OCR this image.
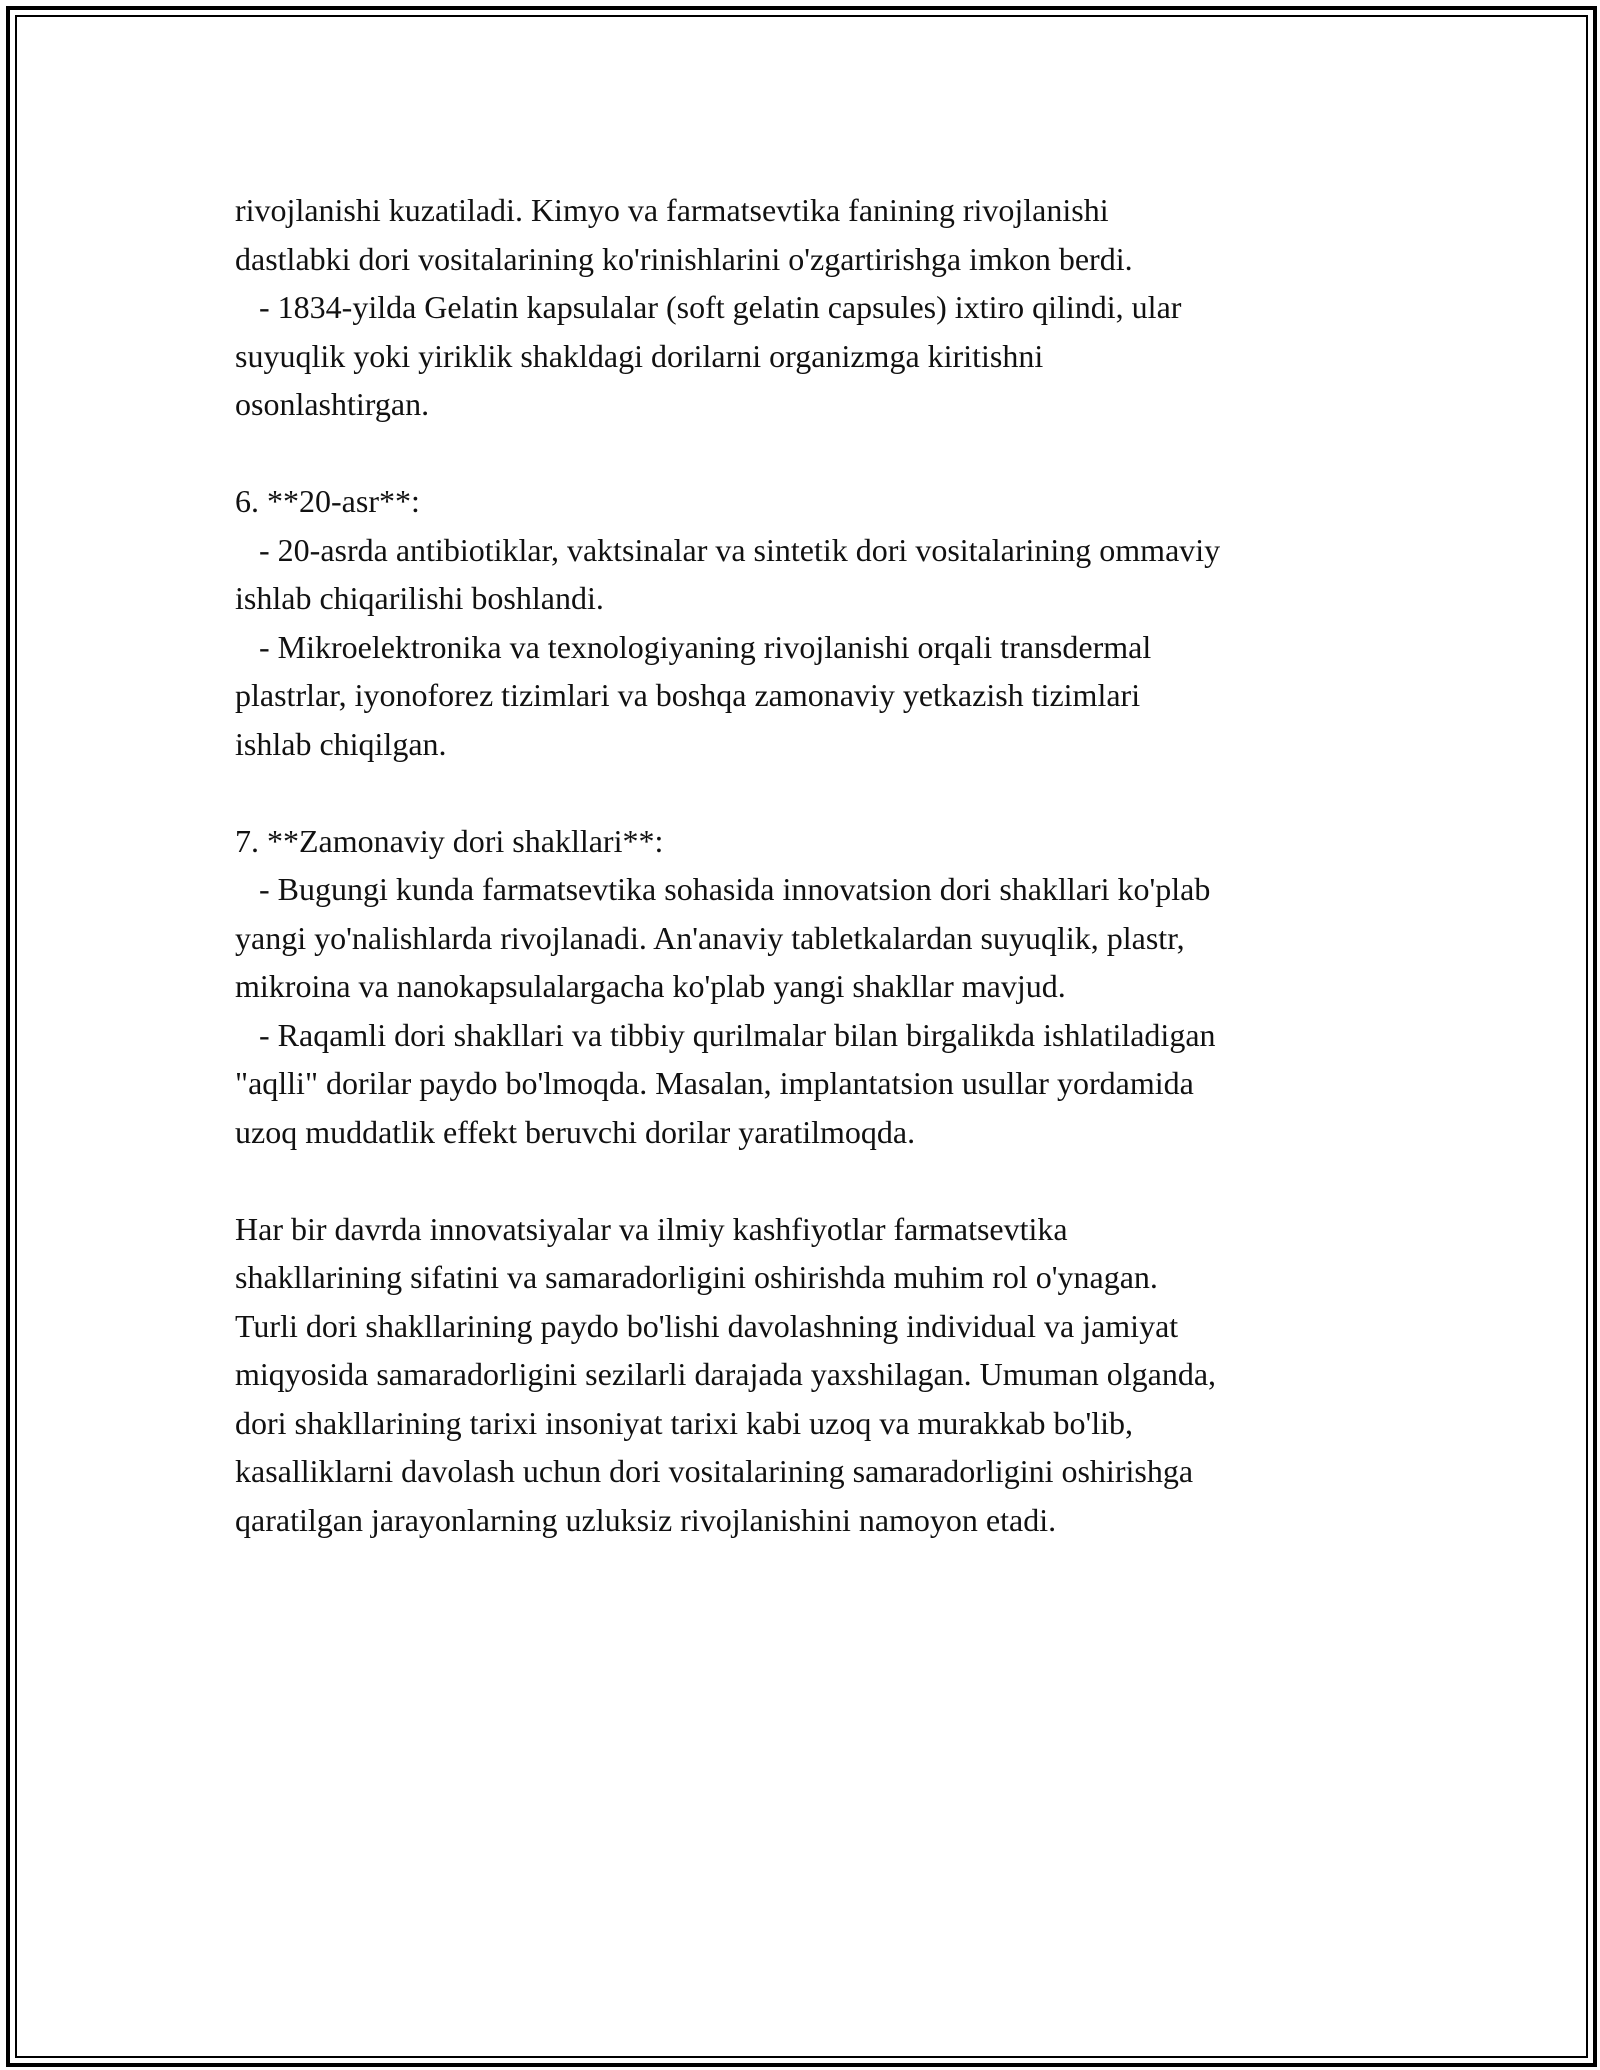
rivojlanishi kuzatiladi. Kimyo va farmatsevtika fanining rivojlanishi
dastlabki dori vositalarining ko'rinishlarini o'zgartirishga imkon berdi.
- 1834-yilda Gelatin kapsulalar (soft gelatin capsules) ixtiro qilindi, ular
suyuqlik yoki yiriklik shakldagi dorilarni organizmga kiritishni
osonlashtirgan.
6. **20-asr**:
- 20-asrda antibiotiklar, vaktsinalar va sintetik dori vositalarining ommaviy
ishlab chiqarilishi boshlandi.
- Mikroelektronika va texnologiyaning rivojlanishi orqali transdermal
plastrlar, iyonoforez tizimlari va boshqa zamonaviy yetkazish tizimlari
ishlab chiqilgan.
7. **Zamonaviy dori shakllari**:
- Bugungi kunda farmatsevtika sohasida innovatsion dori shakllari ko'plab
yangi yo'nalishlarda rivojlanadi. An'anaviy tabletkalardan suyuqlik, plastr,
mikroina va nanokapsulalargacha ko'plab yangi shakllar mavjud.
- Raqamli dori shakllari va tibbiy qurilmalar bilan birgalikda ishlatiladigan
"aqlli" dorilar paydo bo'lmoqda. Masalan, implantatsion usullar yordamida
uzoq muddatlik effekt beruvchi dorilar yaratilmoqda.
Har bir davrda innovatsiyalar va ilmiy kashfiyotlar farmatsevtika
shakllarining sifatini va samaradorligini oshirishda muhim rol o'ynagan.
Turli dori shakllarining paydo bo'lishi davolashning individual va jamiyat
miqyosida samaradorligini sezilarli darajada yaxshilagan. Umuman olganda,
dori shakllarining tarixi insoniyat tarixi kabi uzoq va murakkab bo'lib,
kasalliklarni davolash uchun dori vositalarining samaradorligini oshirishga
qaratilgan jarayonlarning uzluksiz rivojlanishini namoyon etadi.
